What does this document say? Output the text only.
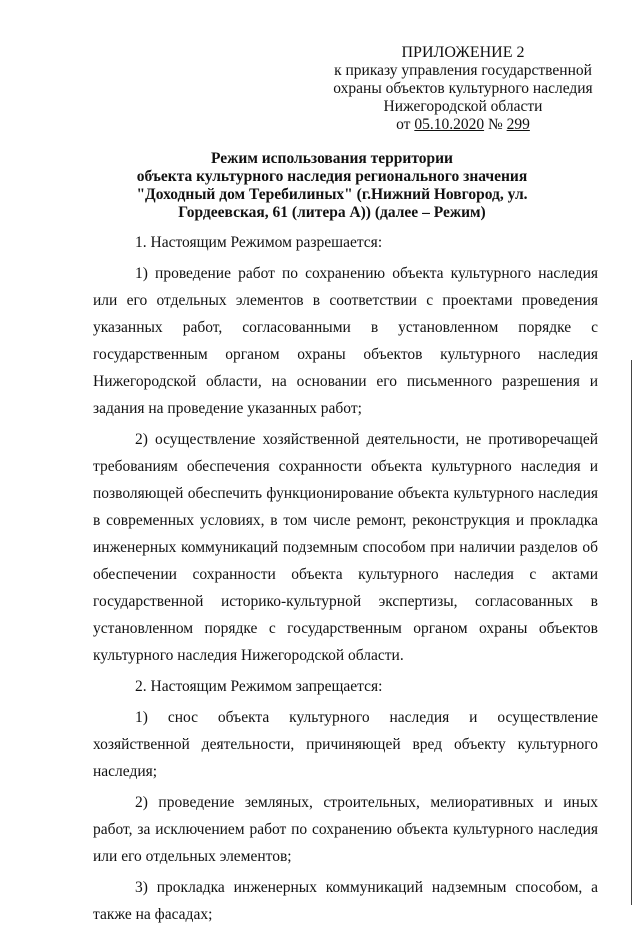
ПРИЛОЖЕНИЕ 2
к приказу управления государственной
охраны объектов культурного наследия
Нижегородской области
от 05.10.2020 № 299
Режим использования территории
объекта культурного наследия регионального значения
"Доходный дом Теребилиных" (г.Нижний Новгород, ул.
Гордеевская, 61 (литера А)) (далее – Режим)

1. Настоящим Режимом разрешается:

1) проведение работ по сохранению объекта культурного наследия или его отдельных элементов в соответствии с проектами проведения указанных работ, согласованными в установленном порядке с государственным органом охраны объектов культурного наследия Нижегородской области, на основании его письменного разрешения и задания на проведение указанных работ;

2) осуществление хозяйственной деятельности, не противоречащей требованиям обеспечения сохранности объекта культурного наследия и позволяющей обеспечить функционирование объекта культурного наследия в современных условиях, в том числе ремонт, реконструкция и прокладка инженерных коммуникаций подземным способом при наличии разделов об обеспечении сохранности объекта культурного наследия с актами государственной историко-культурной экспертизы, согласованных в установленном порядке с государственным органом охраны объектов культурного наследия Нижегородской области.

2. Настоящим Режимом запрещается:

1) снос объекта культурного наследия и осуществление хозяйственной деятельности, причиняющей вред объекту культурного наследия;

2) проведение земляных, строительных, мелиоративных и иных работ, за исключением работ по сохранению объекта культурного наследия или его отдельных элементов;

3) прокладка инженерных коммуникаций надземным способом, а также на фасадах;
